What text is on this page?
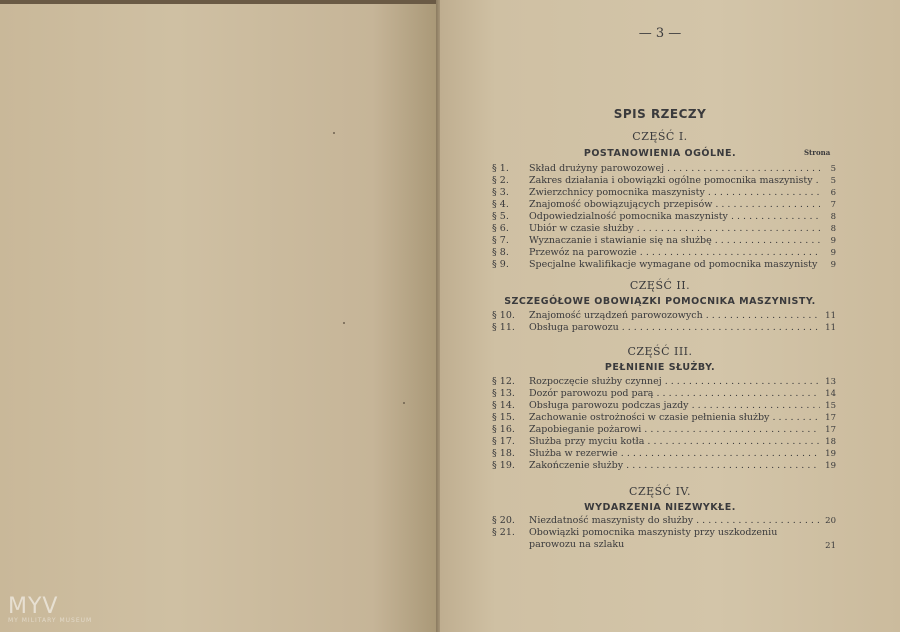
— 3 —
SPIS RZECZY
Strona
CZĘŚĆ I.
POSTANOWIENIA OGÓLNE.
§ 1.	Skład drużyny parowozowej . . .	5
§ 2.	Zakres działania i obowiązki ogólne pomocnika maszynisty . . .	5
§ 3.	Zwierzchnicy pomocnika maszynisty . . .	6
§ 4.	Znajomość obowiązujących przepisów . . .	7
§ 5.	Odpowiedzialność pomocnika maszynisty . . .	8
§ 6.	Ubiór w czasie służby . . .	8
§ 7.	Wyznaczanie i stawianie się na służbę . . .	9
§ 8.	Przewóz na parowozie . . .	9
§ 9.	Specjalne kwalifikacje wymagane od pomocnika maszynisty . . .	9
CZĘŚĆ II.
SZCZEGÓŁOWE OBOWIĄZKI POMOCNIKA MASZYNISTY.
§ 10.	Znajomość urządzeń parowozowych . . .	11
§ 11.	Obsługa parowozu . . .	11
CZĘŚĆ III.
PEŁNIENIE SŁUŻBY.
§ 12.	Rozpoczęcie służby czynnej . . .	13
§ 13.	Dozór parowozu pod parą . . .	14
§ 14.	Obsługa parowozu podczas jazdy . . .	15
§ 15.	Zachowanie ostrożności w czasie pełnienia służby . . .	17
§ 16.	Zapobieganie pożarowi . . .	17
§ 17.	Służba przy myciu kotła . . .	18
§ 18.	Służba w rezerwie . . .	19
§ 19.	Zakończenie służby . . .	19
CZĘŚĆ IV.
WYDARZENIA NIEZWYKŁE.
§ 20.	Niezdatność maszynisty do służby . . .	20
§ 21.	Obowiązki pomocnika maszynisty przy uszkodzeniu parowozu na szlaku	21
MYV
MY MILITARY MUSEUM
